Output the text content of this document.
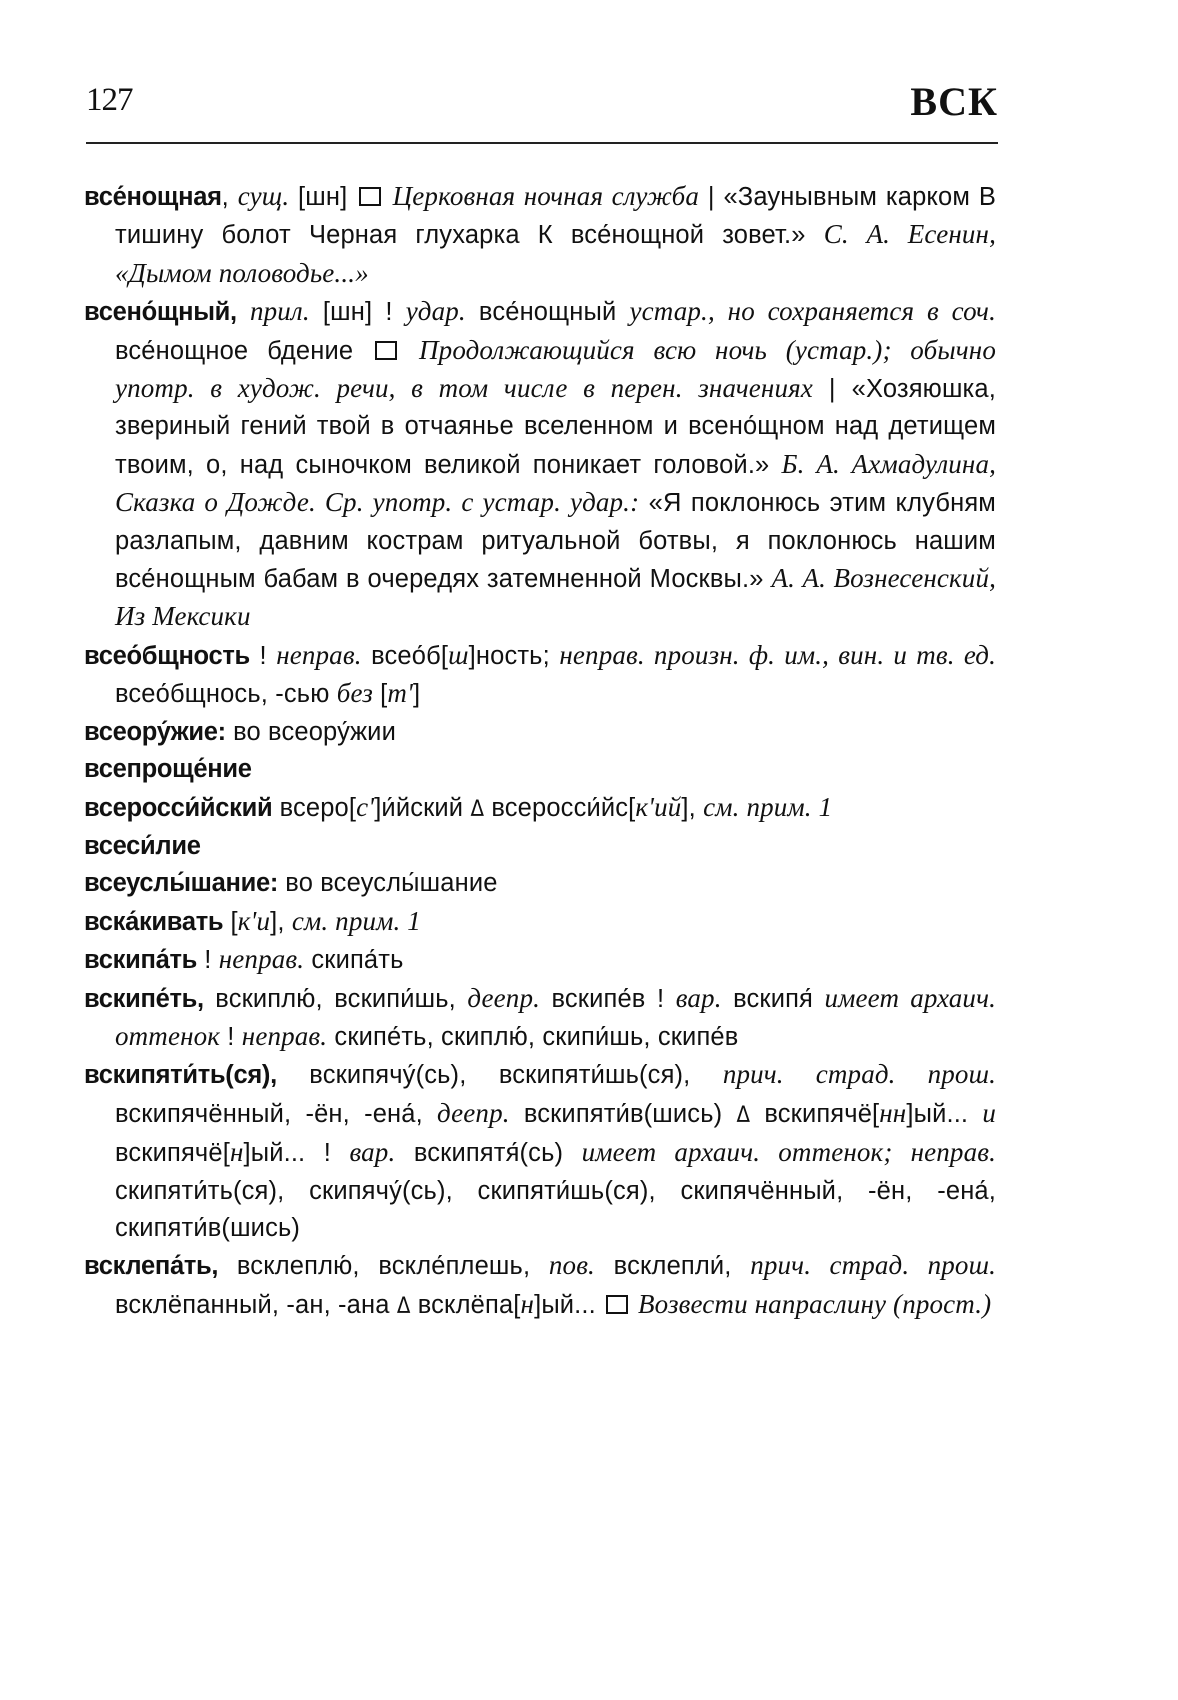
127	ВСК

все́нощная, сущ. [шн]  Церковная ночная служба | «Заунывным карком В тишину болот Черная глухарка К все́нощной зовет.» С. А. Есенин, «Дымом половодье...»

всено́щный, прил. [шн] ! удар. все́нощный устар., но сохраняется в соч. все́нощное бдение  Продолжающийся всю ночь (устар.); обычно употр. в худож. речи, в том числе в перен. значениях | «Хозяюшка, звериный гений твой в отчаянье вселенном и всено́щном над детищем твоим, о, над сыночком великой поникает головой.» Б. А. Ахмадулина, Сказка о Дожде. Ср. употр. с устар. удар.: «Я поклонюсь этим клубням разлапым, давним кострам ритуальной ботвы, я поклонюсь нашим все́нощным бабам в очередях затемненной Москвы.» А. А. Вознесенский, Из Мексики

всео́бщность ! неправ. всео́б[ш]ность; неправ. произн. ф. им., вин. и тв. ед. всео́бщнось, -сью без [т']

всеору́жие: во всеору́жии

всепроще́ние

всеросси́йский всеро[с']и́йский Δ всеросси́йс[к'ий], см. прим. 1

всеси́лие

всеуслы́шание: во всеуслы́шание

вска́кивать [к'и], см. прим. 1

вскипа́ть ! неправ. скипа́ть

вскипе́ть, вскиплю́, вскипи́шь, деепр. вскипе́в ! вар. вскипя́ имеет архаич. оттенок ! неправ. скипе́ть, скиплю́, скипи́шь, скипе́в

вскипяти́ть(ся), вскипячу́(сь), вскипяти́шь(ся), прич. страд. прош. вскипячённый, -ён, -ена́, деепр. вскипяти́в(шись) Δ вскипячё[нн]ый... и вскипячё[н]ый... ! вар. вскипятя́(сь) имеет архаич. оттенок; неправ. скипяти́ть(ся), скипячу́(сь), скипяти́шь(ся), скипячённый, -ён, -ена́, скипяти́в(шись)

всклепа́ть, всклеплю́, вскле́плешь, пов. всклепли́, прич. страд. прош. всклёпанный, -ан, -ана Δ всклёпа[н]ый...  Возвести напраслину (прост.)
